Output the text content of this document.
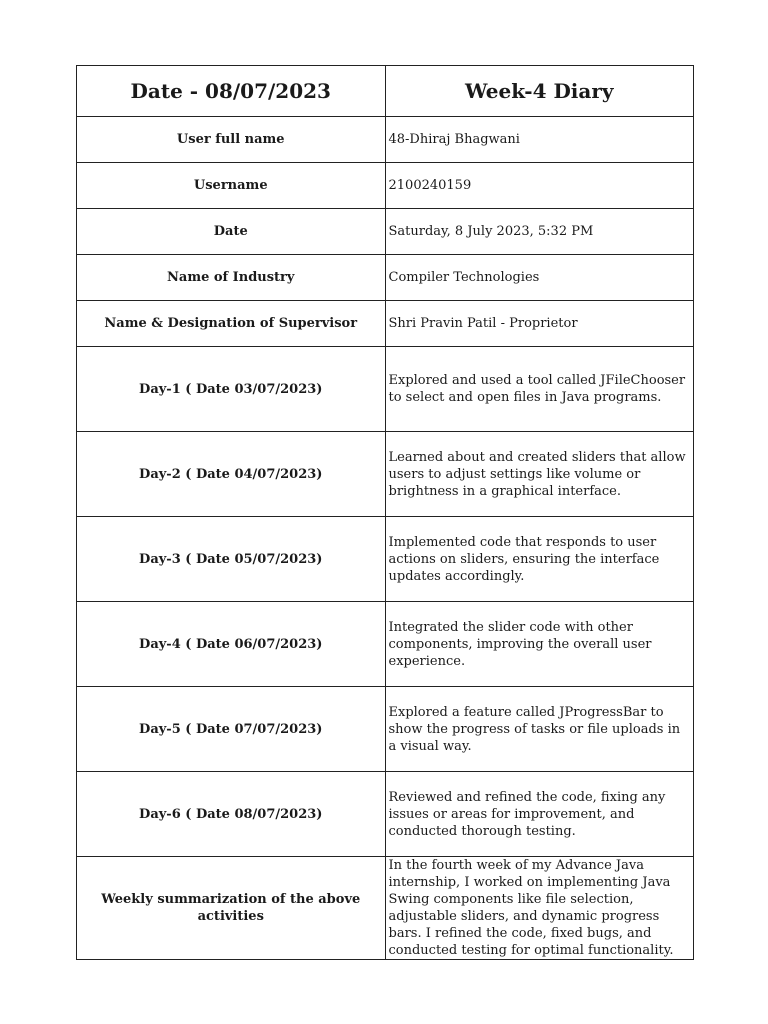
Date - 08/07/2023	Week-4 Diary
User full name	48-Dhiraj Bhagwani
Username	2100240159
Date	Saturday, 8 July 2023, 5:32 PM
Name of Industry	Compiler Technologies
Name & Designation of Supervisor	Shri Pravin Patil - Proprietor
Day-1 ( Date 03/07/2023)	Explored and used a tool called JFileChooser to select and open files in Java programs.
Day-2 ( Date 04/07/2023)	Learned about and created sliders that allow users to adjust settings like volume or brightness in a graphical interface.
Day-3 ( Date 05/07/2023)	Implemented code that responds to user actions on sliders, ensuring the interface updates accordingly.
Day-4 ( Date 06/07/2023)	Integrated the slider code with other components, improving the overall user experience.
Day-5 ( Date 07/07/2023)	Explored a feature called JProgressBar to show the progress of tasks or file uploads in a visual way.
Day-6 ( Date 08/07/2023)	Reviewed and refined the code, fixing any issues or areas for improvement, and conducted thorough testing.
Weekly summarization of the above activities	In the fourth week of my Advance Java internship, I worked on implementing Java Swing components like file selection, adjustable sliders, and dynamic progress bars. I refined the code, fixed bugs, and conducted testing for optimal functionality.
